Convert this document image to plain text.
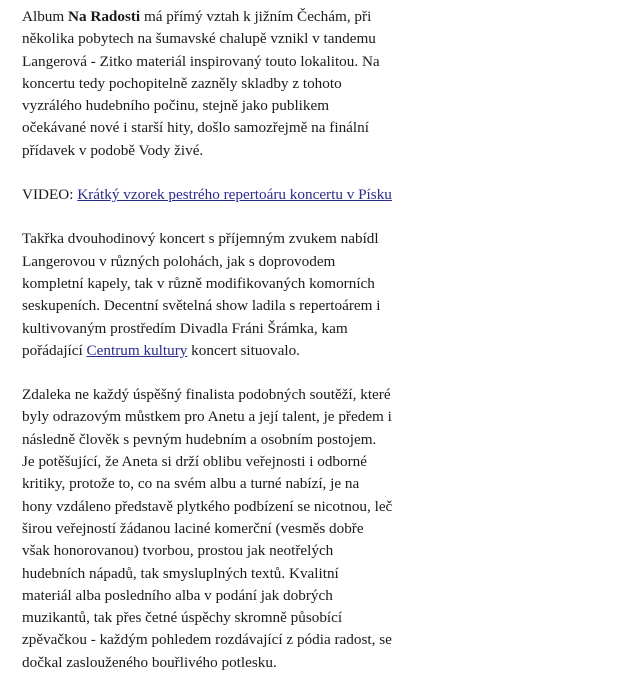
Album Na Radosti má přímý vztah k jižním Čechám, při
několika pobytech na šumavské chalupě vznikl v tandemu
Langerová - Zitko materiál inspirovaný touto lokalitou. Na
koncertu tedy pochopitelně zazněly skladby z tohoto
vyzrálého hudebního počinu, stejně jako publikem
očekávané nové i starší hity, došlo samozřejmě na finální
přídavek v podobě Vody živé.

VIDEO: Krátký vzorek pestrého repertoáru koncertu v Písku

Takřka dvouhodinový koncert s příjemným zvukem nabídl
Langerovou v různých polohách, jak s doprovodem
kompletní kapely, tak v různě modifikovaných komorních
seskupeních. Decentní světelná show ladila s repertoárem i
kultivovaným prostředím Divadla Fráni Šrámka, kam
pořádající Centrum kultury koncert situovalo.

Zdaleka ne každý úspěšný finalista podobných soutěží, které
byly odrazovým můstkem pro Anetu a její talent, je předem i
následně člověk s pevným hudebním a osobním postojem.
Je potěšující, že Aneta si drží oblibu veřejnosti i odborné
kritiky, protože to, co na svém albu a turné nabízí, je na
hony vzdáleno představě plytkého podbízení se nicotnou, leč
širou veřejností žádanou laciné komerční (vesměs dobře
však honorovanou) tvorbou, prostou jak neotřelých
hudebních nápadů, tak smysluplných textů. Kvalitní
materiál alba posledního alba v podání jak dobrých
muzikantů, tak přes četné úspěchy skromně působící
zpěvačkou - každým pohledem rozdávající z pódia radost, se
dočkal zaslouženého bouřlivého potlesku.
